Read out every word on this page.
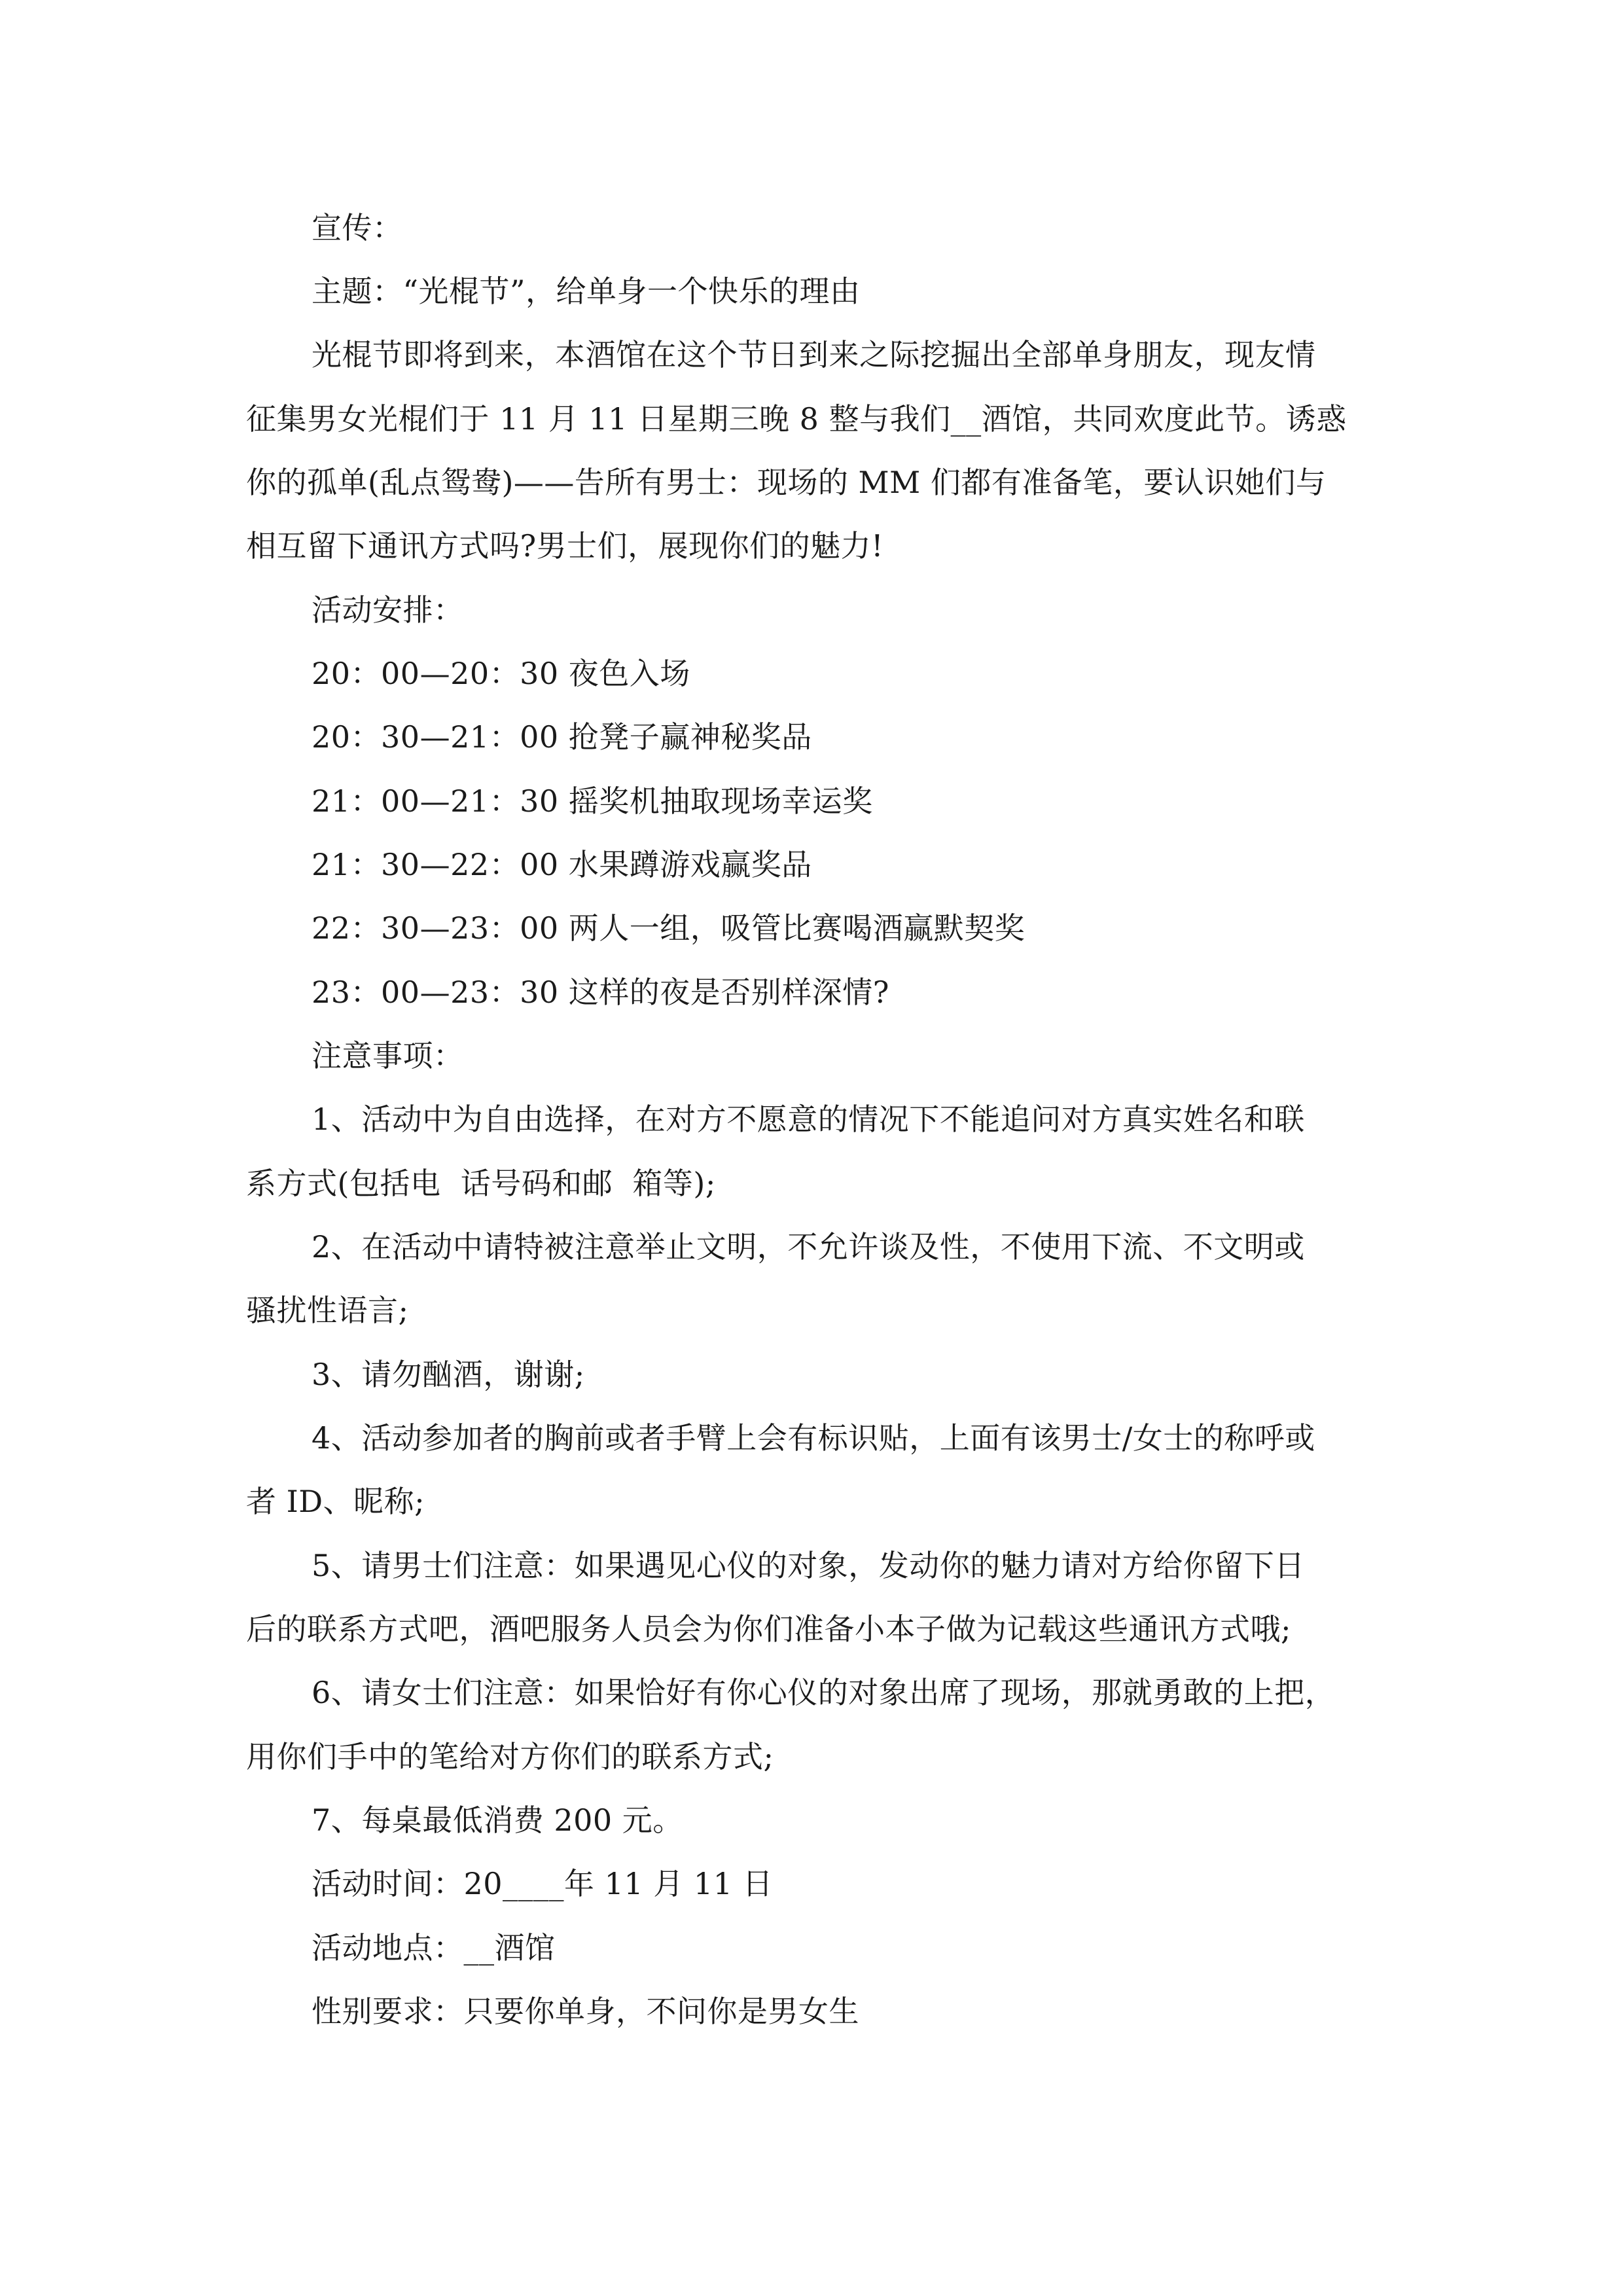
宣传：
主题：“光棍节”，给单身一个快乐的理由
光棍节即将到来，本酒馆在这个节日到来之际挖掘出全部单身朋友，现友情
征集男女光棍们于 11 月 11 日星期三晚 8 整与我们__酒馆，共同欢度此节。诱惑
你的孤单(乱点鸳鸯)——告所有男士：现场的 MM 们都有准备笔，要认识她们与
相互留下通讯方式吗?男士们，展现你们的魅力!
活动安排：
20：00—20：30 夜色入场
20：30—21：00 抢凳子赢神秘奖品
21：00—21：30 摇奖机抽取现场幸运奖
21：30—22：00 水果蹲游戏赢奖品
22：30—23：00 两人一组，吸管比赛喝酒赢默契奖
23：00—23：30 这样的夜是否别样深情?
注意事项：
1、活动中为自由选择，在对方不愿意的情况下不能追问对方真实姓名和联
系方式(包括电  话号码和邮  箱等);
2、在活动中请特被注意举止文明，不允许谈及性，不使用下流、不文明或
骚扰性语言;
3、请勿酗酒，谢谢;
4、活动参加者的胸前或者手臂上会有标识贴，上面有该男士/女士的称呼或
者 ID、昵称;
5、请男士们注意：如果遇见心仪的对象，发动你的魅力请对方给你留下日
后的联系方式吧，酒吧服务人员会为你们准备小本子做为记载这些通讯方式哦;
6、请女士们注意：如果恰好有你心仪的对象出席了现场，那就勇敢的上把，
用你们手中的笔给对方你们的联系方式;
7、每桌最低消费 200 元。
活动时间：20____年 11 月 11 日
活动地点：__酒馆
性别要求：只要你单身，不问你是男女生
